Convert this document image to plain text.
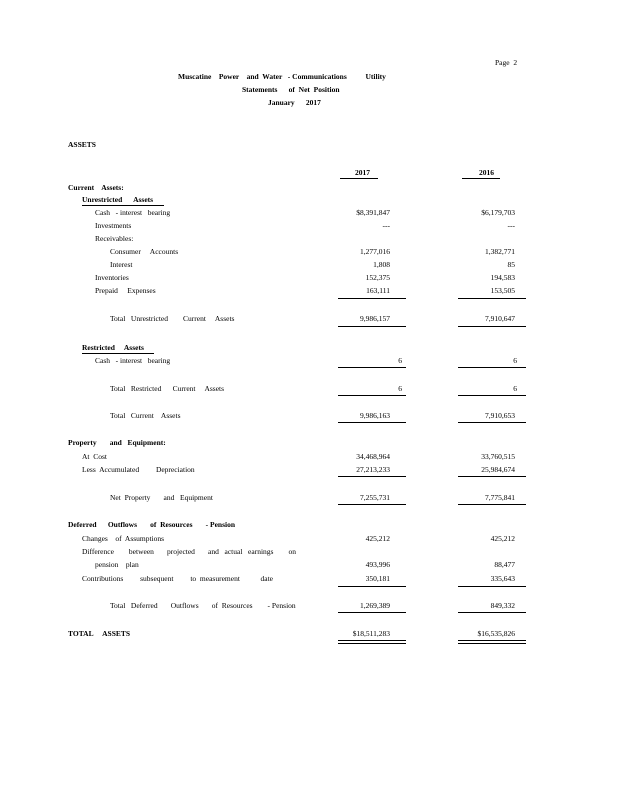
Page  2
Muscatine    Power    and  Water   - Communications          Utility
Statements      of  Net  Position
January      2017
ASSETS
2017	2016
Current    Assets:
Unrestricted      Assets
Cash   - interest   bearing	$8,391,847	$6,179,703
Investments	---	---
Receivables:
Consumer     Accounts	1,277,016	1,382,771
Interest	1,808	85
Inventories	152,375	194,583
Prepaid     Expenses	163,111	153,505
Total   Unrestricted        Current     Assets	9,986,157	7,910,647
Restricted     Assets
Cash   - interest   bearing	6	6
Total   Restricted      Current     Assets	6	6
Total   Current    Assets	9,986,163	7,910,653
Property       and   Equipment:
At  Cost	34,468,964	33,760,515
Less  Accumulated         Depreciation	27,213,233	25,984,674
Net  Property       and   Equipment	7,255,731	7,775,841
Deferred      Outflows       of  Resources       - Pension
Changes    of  Assumptions	425,212	425,212
Difference        between       projected       and   actual   earnings        on
pension    plan	493,996	88,477
Contributions         subsequent         to  measurement           date	350,181	335,643
Total   Deferred       Outflows       of  Resources        - Pension	1,269,389	849,332
TOTAL     ASSETS	$18,511,283	$16,535,826
